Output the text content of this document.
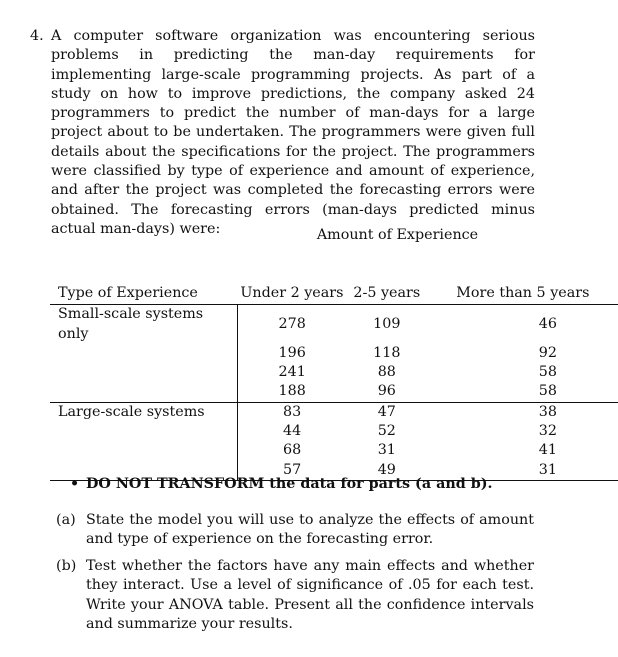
4. A computer software organization was encountering serious problems in predicting the man-day requirements for implementing large-scale programming projects. As part of a study on how to improve predictions, the company asked 24 programmers to predict the number of man-days for a large project about to be undertaken. The programmers were given full details about the specifications for the project. The programmers were classified by type of experience and amount of experience, and after the project was completed the forecasting errors were obtained. The forecasting errors (man-days predicted minus actual man-days) were:	Amount of Experience
Type of Experience	Under 2 years	2-5 years	More than 5 years
Small-scale systems only	278	109	46
	196	118	92
	241	88	58
	188	96	58
Large-scale systems	83	47	38
	44	52	32
	68	31	41
	57	49	31
• DO NOT TRANSFORM the data for parts (a and b).
(a) State the model you will use to analyze the effects of amount and type of experience on the forecasting error.
(b) Test whether the factors have any main effects and whether they interact. Use a level of significance of .05 for each test. Write your ANOVA table. Present all the confidence intervals and summarize your results.
